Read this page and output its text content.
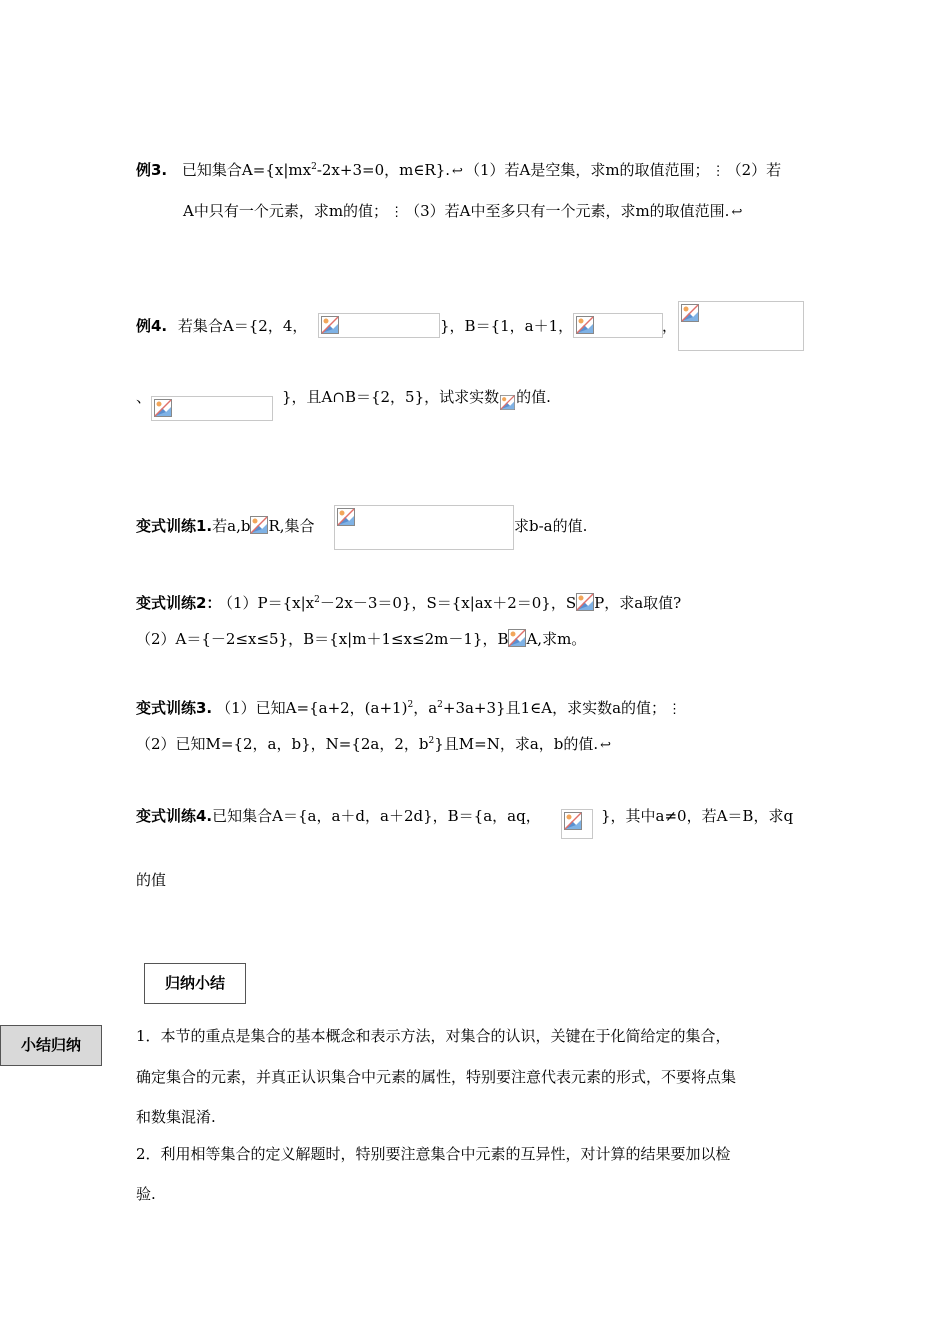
例3. 已知集合$A=\{x|mx^2-2x+3=0$，m∈R}. ↩ （1）若A是空集，求m的取值范围； ⋮ （2）若
A中只有一个元素，求m的值； ⋮ （3）若A中至多只有一个元素，求m的取值范围. ↩
例4. 若集合A＝{2，4，	}，B＝{1，a＋1，	，
、	}，且A∩B＝{2，5}，试求实数 的值.
变式训练1.若a,b R,集合	求b-a的值.
变式训练2： $(1)P=\{x|x^2-2x-3=0\}$，S＝{x|ax＋2＝0}，S P，求a取值?
（2）A＝{－2≤x≤5}，B＝{x|m＋1≤x≤2m－1}，B A,求m。
变式训练3. （1）已知A={a+2，$(a+1)^2$，$a^2+3a+3$}且1∈A，求实数a的值； ⋮
（2）已知M={2，a，b}，N={2a，2，$b^2$}且M=N，求a，b的值. ↩
变式训练4.已知集合A＝{a，a＋d，a＋2d}，B＝{a，aq，	}，其中a≠0，若A＝B，求q
的值
归纳小结
小结归纳	1．本节的重点是集合的基本概念和表示方法，对集合的认识，关键在于化简给定的集合，
确定集合的元素，并真正认识集合中元素的属性，特别要注意代表元素的形式，不要将点集
和数集混淆.
2．利用相等集合的定义解题时，特别要注意集合中元素的互异性，对计算的结果要加以检
验.
